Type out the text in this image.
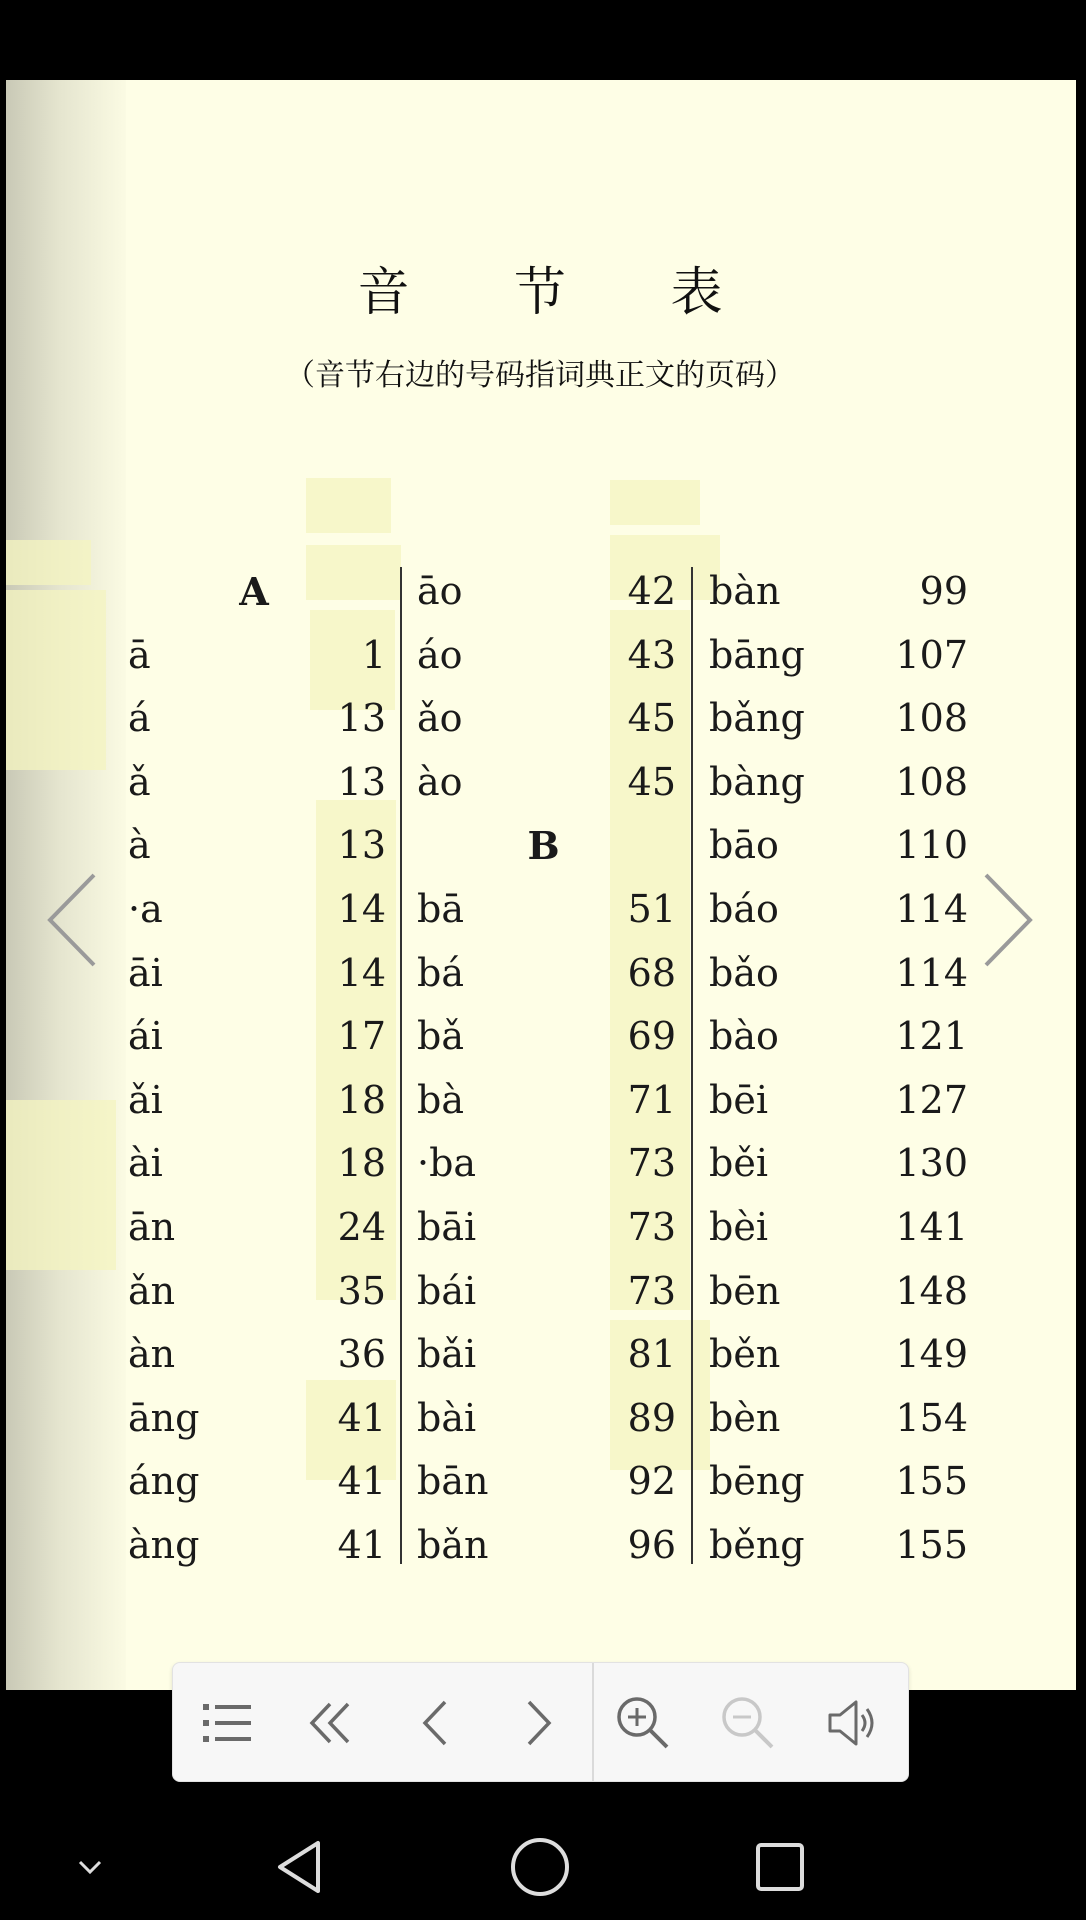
音 节 表
（音节右边的号码指词典正文的页码）
A
ā	1
á	13
ǎ	13
à	13
·a	14
āi	14
ái	17
ǎi	18
ài	18
ān	24
ǎn	35
àn	36
āng	41
áng	41
àng	41
āo	42
áo	43
ǎo	45
ào	45
B
bā	51
bá	68
bǎ	69
bà	71
·ba	73
bāi	73
bái	73
bǎi	81
bài	89
bān	92
bǎn	96
bàn	99
bāng 107
bǎng 108
bàng 108
bāo	110
báo	114
bǎo	114
bào	121
bēi	127
běi	130
bèi	141
bēn	148
běn	149
bèn	154
bēng 155
běng 155
